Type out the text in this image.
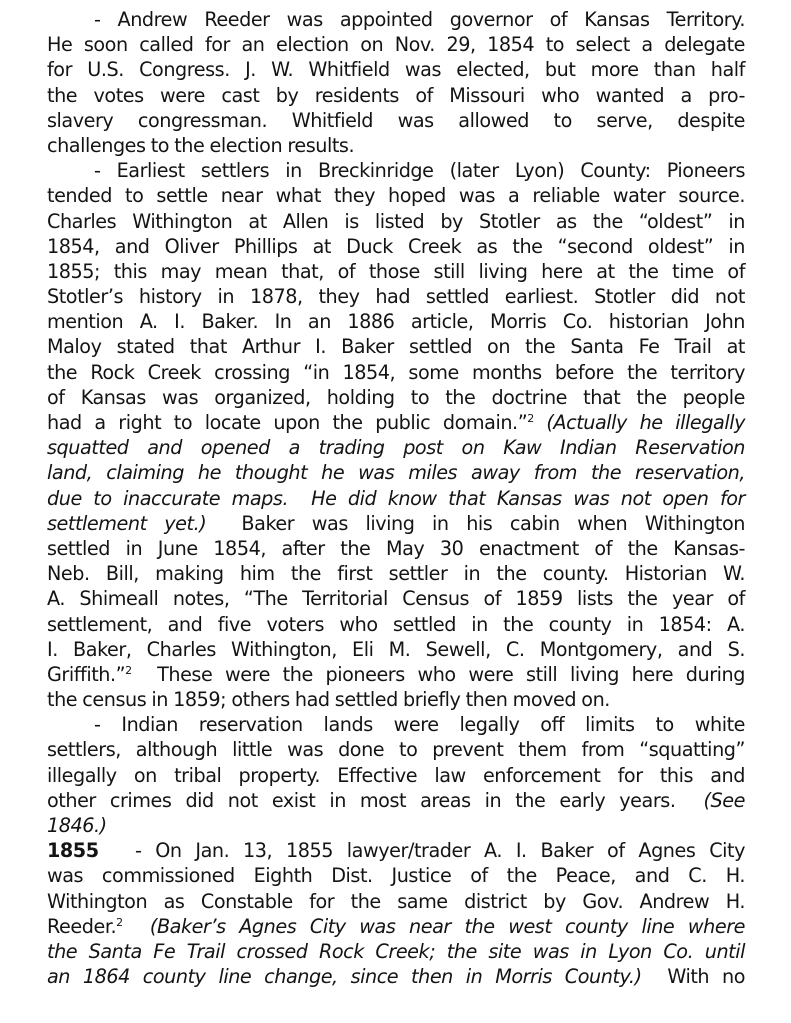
- Andrew Reeder was appointed governor of Kansas Territory.
He soon called for an election on Nov. 29, 1854 to select a delegate
for U.S. Congress. J. W. Whitfield was elected, but more than half
the votes were cast by residents of Missouri who wanted a pro-
slavery congressman. Whitfield was allowed to serve, despite
challenges to the election results.
- Earliest settlers in Breckinridge (later Lyon) County: Pioneers
tended to settle near what they hoped was a reliable water source.
Charles Withington at Allen is listed by Stotler as the “oldest” in
1854, and Oliver Phillips at Duck Creek as the “second oldest” in
1855; this may mean that, of those still living here at the time of
Stotler’s history in 1878, they had settled earliest. Stotler did not
mention A. I. Baker. In an 1886 article, Morris Co. historian John
Maloy stated that Arthur I. Baker settled on the Santa Fe Trail at
the Rock Creek crossing “in 1854, some months before the territory
of Kansas was organized, holding to the doctrine that the people
had a right to locate upon the public domain.”$^2$ (Actually he illegally
squatted and opened a trading post on Kaw Indian Reservation
land, claiming he thought he was miles away from the reservation,
due to inaccurate maps.  He did know that Kansas was not open for
settlement yet.)  Baker was living in his cabin when Withington
settled in June 1854, after the May 30 enactment of the Kansas-
Neb. Bill, making him the first settler in the county. Historian W.
A. Shimeall notes, “The Territorial Census of 1859 lists the year of
settlement, and five voters who settled in the county in 1854: A.
I. Baker, Charles Withington, Eli M. Sewell, C. Montgomery, and S.
Griffith.”$^2$  These were the pioneers who were still living here during
the census in 1859; others had settled briefly then moved on.
- Indian reservation lands were legally off limits to white
settlers, although little was done to prevent them from “squatting”
illegally on tribal property. Effective law enforcement for this and
other crimes did not exist in most areas in the early years.  (See
1846.)
1855 - On Jan. 13, 1855 lawyer/trader A. I. Baker of Agnes City
was commissioned Eighth Dist. Justice of the Peace, and C. H.
Withington as Constable for the same district by Gov. Andrew H.
Reeder.$^2$  (Baker’s Agnes City was near the west county line where
the Santa Fe Trail crossed Rock Creek; the site was in Lyon Co. until
an 1864 county line change, since then in Morris County.)  With no
